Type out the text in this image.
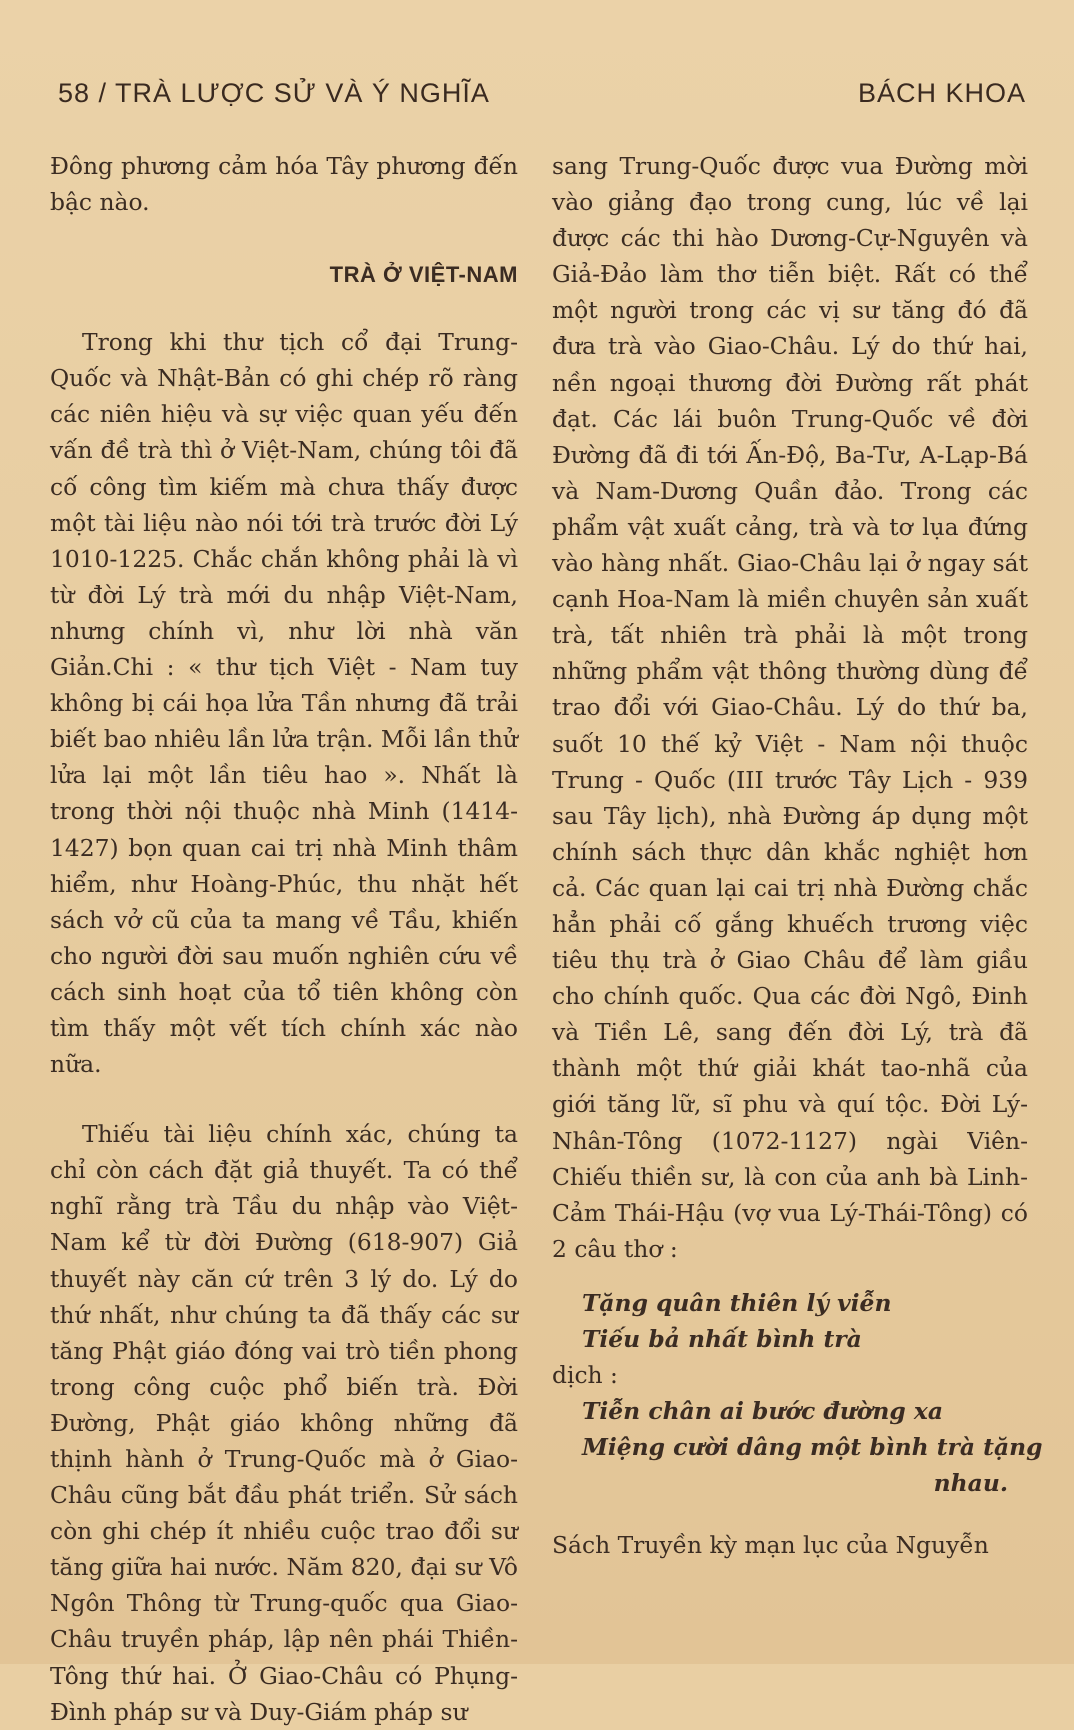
58 / TRÀ LƯỢC SỬ VÀ Ý NGHĨA	BÁCH KHOA

Đông phương cảm hóa Tây phương đến bậc nào.

TRÀ Ở VIỆT-NAM

Trong khi thư tịch cổ đại Trung-Quốc và Nhật-Bản có ghi chép rõ ràng các niên hiệu và sự việc quan yếu đến vấn đề trà thì ở Việt-Nam, chúng tôi đã cố công tìm kiếm mà chưa thấy được một tài liệu nào nói tới trà trước đời Lý 1010-1225. Chắc chắn không phải là vì từ đời Lý trà mới du nhập Việt-Nam, nhưng chính vì, như lời nhà văn Giản.Chi : « thư tịch Việt - Nam tuy không bị cái họa lửa Tần nhưng đã trải biết bao nhiêu lần lửa trận. Mỗi lần thử lửa lại một lần tiêu hao ». Nhất là trong thời nội thuộc nhà Minh (1414-1427) bọn quan cai trị nhà Minh thâm hiểm, như Hoàng-Phúc, thu nhặt hết sách vở cũ của ta mang về Tầu, khiến cho người đời sau muốn nghiên cứu về cách sinh hoạt của tổ tiên không còn tìm thấy một vết tích chính xác nào nữa.

Thiếu tài liệu chính xác, chúng ta chỉ còn cách đặt giả thuyết. Ta có thể nghĩ rằng trà Tầu du nhập vào Việt-Nam kể từ đời Đường (618-907) Giả thuyết này căn cứ trên 3 lý do. Lý do thứ nhất, như chúng ta đã thấy các sư tăng Phật giáo đóng vai trò tiền phong trong công cuộc phổ biến trà. Đời Đường, Phật giáo không những đã thịnh hành ở Trung-Quốc mà ở Giao-Châu cũng bắt đầu phát triển. Sử sách còn ghi chép ít nhiều cuộc trao đổi sư tăng giữa hai nước. Năm 820, đại sư Vô Ngôn Thông từ Trung-quốc qua Giao-Châu truyền pháp, lập nên phái Thiền-Tông thứ hai. Ở Giao-Châu có Phụng-Đình pháp sư và Duy-Giám pháp sư

sang Trung-Quốc được vua Đường mời vào giảng đạo trong cung, lúc về lại được các thi hào Dương-Cự-Nguyên và Giả-Đảo làm thơ tiễn biệt. Rất có thể một người trong các vị sư tăng đó đã đưa trà vào Giao-Châu. Lý do thứ hai, nền ngoại thương đời Đường rất phát đạt. Các lái buôn Trung-Quốc về đời Đường đã đi tới Ấn-Độ, Ba-Tư, A-Lạp-Bá và Nam-Dương Quần đảo. Trong các phẩm vật xuất cảng, trà và tơ lụa đứng vào hàng nhất. Giao-Châu lại ở ngay sát cạnh Hoa-Nam là miền chuyên sản xuất trà, tất nhiên trà phải là một trong những phẩm vật thông thường dùng để trao đổi với Giao-Châu. Lý do thứ ba, suốt 10 thế kỷ Việt - Nam nội thuộc Trung - Quốc (III trước Tây Lịch - 939 sau Tây lịch), nhà Đường áp dụng một chính sách thực dân khắc nghiệt hơn cả. Các quan lại cai trị nhà Đường chắc hẳn phải cố gắng khuếch trương việc tiêu thụ trà ở Giao Châu để làm giầu cho chính quốc. Qua các đời Ngô, Đinh và Tiền Lê, sang đến đời Lý, trà đã thành một thứ giải khát tao-nhã của giới tăng lữ, sĩ phu và quí tộc. Đời Lý-Nhân-Tông (1072-1127) ngài Viên-Chiếu thiền sư, là con của anh bà Linh-Cảm Thái-Hậu (vợ vua Lý-Thái-Tông) có 2 câu thơ :

Tặng quân thiên lý viễn
Tiếu bả nhất bình trà

dịch :

Tiễn chân ai bước đường xa
Miệng cười dâng một bình trà tặng
nhau.

Sách Truyền kỳ mạn lục của Nguyễn
